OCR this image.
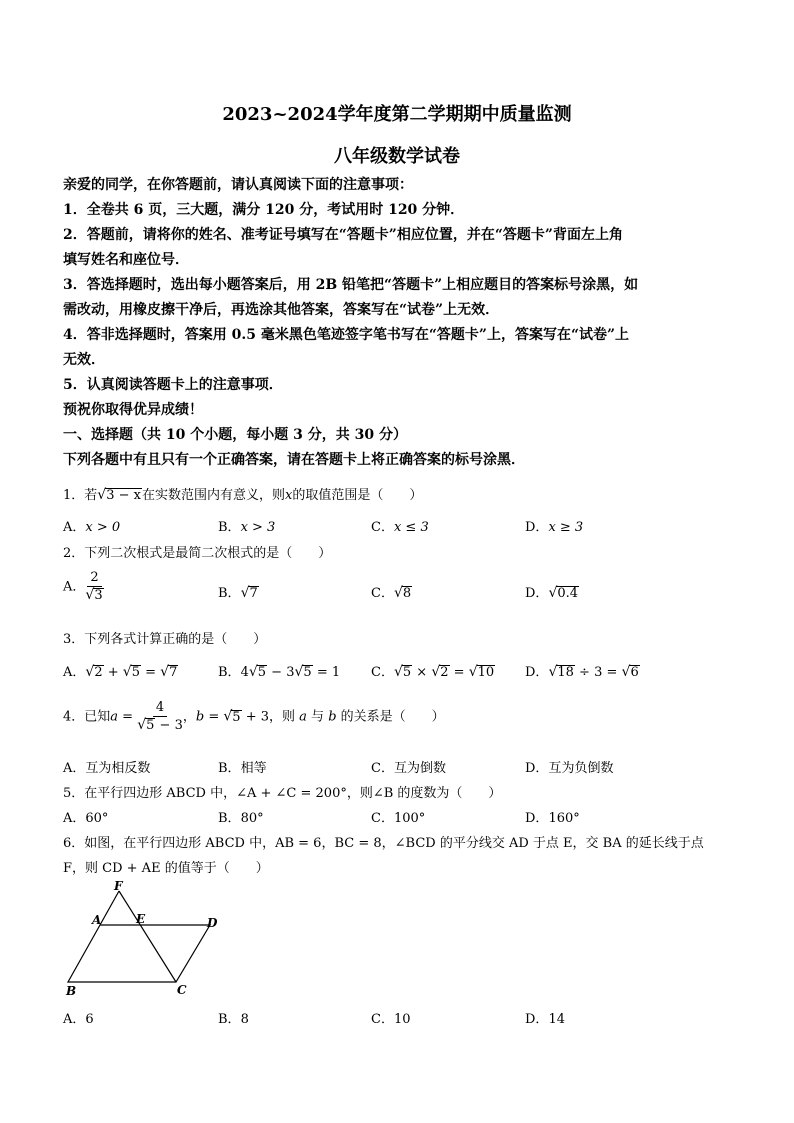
2023~2024学年度第二学期期中质量监测
八年级数学试卷
亲爱的同学，在你答题前，请认真阅读下面的注意事项：
1．全卷共 6 页，三大题，满分 120 分，考试用时 120 分钟．
2．答题前，请将你的姓名、准考证号填写在“答题卡”相应位置，并在“答题卡”背面左上角
填写姓名和座位号．
3．答选择题时，选出每小题答案后，用 2B 铅笔把“答题卡”上相应题目的答案标号涂黑，如
需改动，用橡皮擦干净后，再选涂其他答案，答案写在“试卷”上无效．
4．答非选择题时，答案用 0.5 毫米黑色笔迹签字笔书写在“答题卡”上，答案写在“试卷”上
无效．
5．认真阅读答题卡上的注意事项．
预祝你取得优异成绩！
一、选择题（共 10 个小题，每小题 3 分，共 30 分）
下列各题中有且只有一个正确答案，请在答题卡上将正确答案的标号涂黑．
1．若√3 − x在实数范围内有意义，则x的取值范围是（　　）
A．x > 0	B．x > 3	C．x ≤ 3	D．x ≥ 3
2．下列二次根式是最简二次根式的是（　　）
A． $\frac{2}{√3}$	B．√7	C．√8	D．√0.4
3．下列各式计算正确的是（　　）
A．√2 + √5 = √7	B．4√5 − 3√5 = 1 C．√5 × √2 = √10 D．√18 ÷ 3 = √6
4．已知$a = \frac{4}{√5 - 3}$ ，b = √5 + 3，则 a 与 b 的关系是（　　）
A．互为相反数	B．相等	C．互为倒数	D．互为负倒数
5．在平行四边形 ABCD 中，∠A + ∠C = 200°，则∠B 的度数为（　　）
A．60°	B．80°	C．100°	D．160°
6．如图，在平行四边形 ABCD 中，AB = 6，BC = 8，∠BCD 的平分线交 AD 于点 E，交 BA 的延长线于点
F，则 CD + AE 的值等于（　　）
F
A	E	D
B	C
A．6	B．8	C．10	D．14
